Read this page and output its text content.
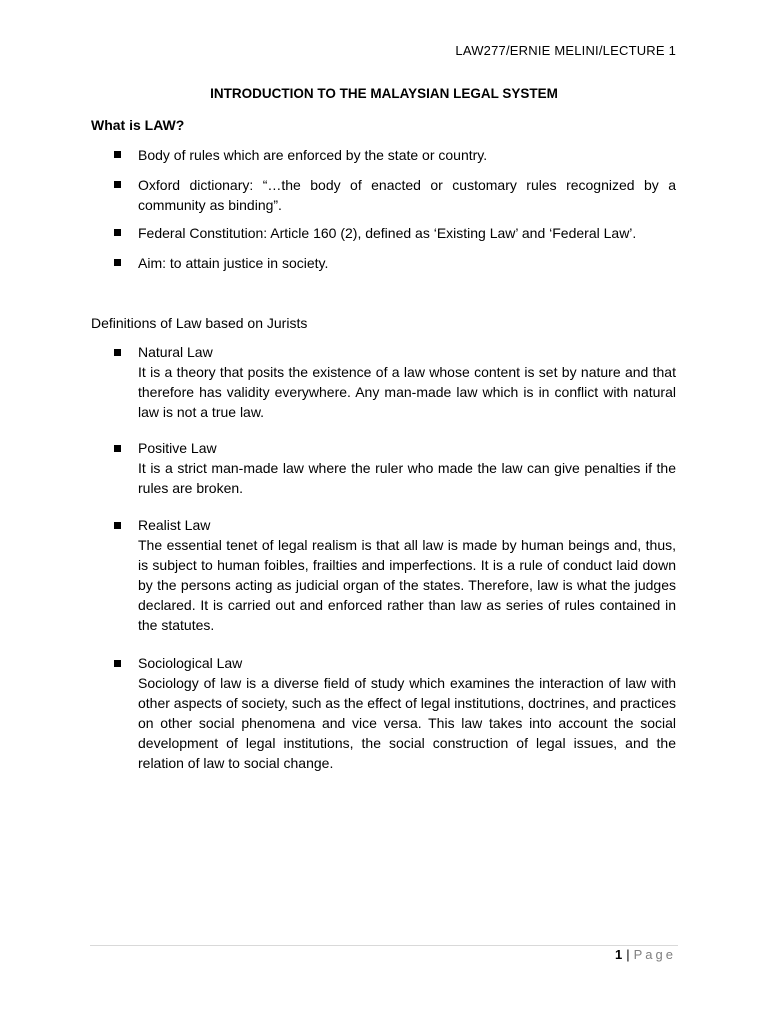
LAW277/ERNIE MELINI/LECTURE 1
INTRODUCTION TO THE MALAYSIAN LEGAL SYSTEM
What is LAW?
Body of rules which are enforced by the state or country.
Oxford dictionary: “…the body of enacted or customary rules recognized by a community as binding”.
Federal Constitution: Article 160 (2), defined as ‘Existing Law’ and ‘Federal Law’.
Aim: to attain justice in society.
Definitions of Law based on Jurists
Natural Law
It is a theory that posits the existence of a law whose content is set by nature and that therefore has validity everywhere. Any man-made law which is in conflict with natural law is not a true law.
Positive Law
It is a strict man-made law where the ruler who made the law can give penalties if the rules are broken.
Realist Law
The essential tenet of legal realism is that all law is made by human beings and, thus, is subject to human foibles, frailties and imperfections. It is a rule of conduct laid down by the persons acting as judicial organ of the states. Therefore, law is what the judges declared. It is carried out and enforced rather than law as series of rules contained in the statutes.
Sociological Law
Sociology of law is a diverse field of study which examines the interaction of law with other aspects of society, such as the effect of legal institutions, doctrines, and practices on other social phenomena and vice versa. This law takes into account the social development of legal institutions, the social construction of legal issues, and the relation of law to social change.
1 | Page
